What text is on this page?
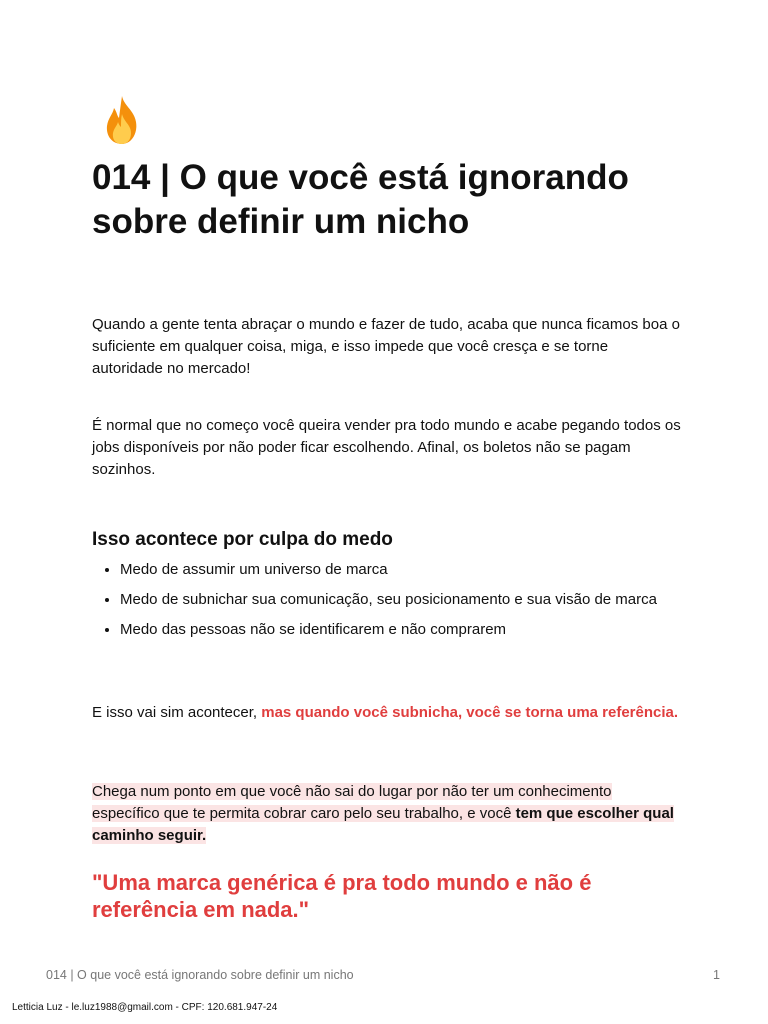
014 | O que você está ignorando sobre definir um nicho

Quando a gente tenta abraçar o mundo e fazer de tudo, acaba que nunca ficamos boa o suficiente em qualquer coisa, miga, e isso impede que você cresça e se torne autoridade no mercado!

É normal que no começo você queira vender pra todo mundo e acabe pegando todos os jobs disponíveis por não poder ficar escolhendo. Afinal, os boletos não se pagam sozinhos.

Isso acontece por culpa do medo
• Medo de assumir um universo de marca
• Medo de subnichar sua comunicação, seu posicionamento e sua visão de marca
• Medo das pessoas não se identificarem e não comprarem

E isso vai sim acontecer, mas quando você subnicha, você se torna uma referência.

Chega num ponto em que você não sai do lugar por não ter um conhecimento específico que te permita cobrar caro pelo seu trabalho, e você tem que escolher qual caminho seguir.

"Uma marca genérica é pra todo mundo e não é referência em nada."

014 | O que você está ignorando sobre definir um nicho	1
Letticia Luz - le.luz1988@gmail.com - CPF: 120.681.947-24
